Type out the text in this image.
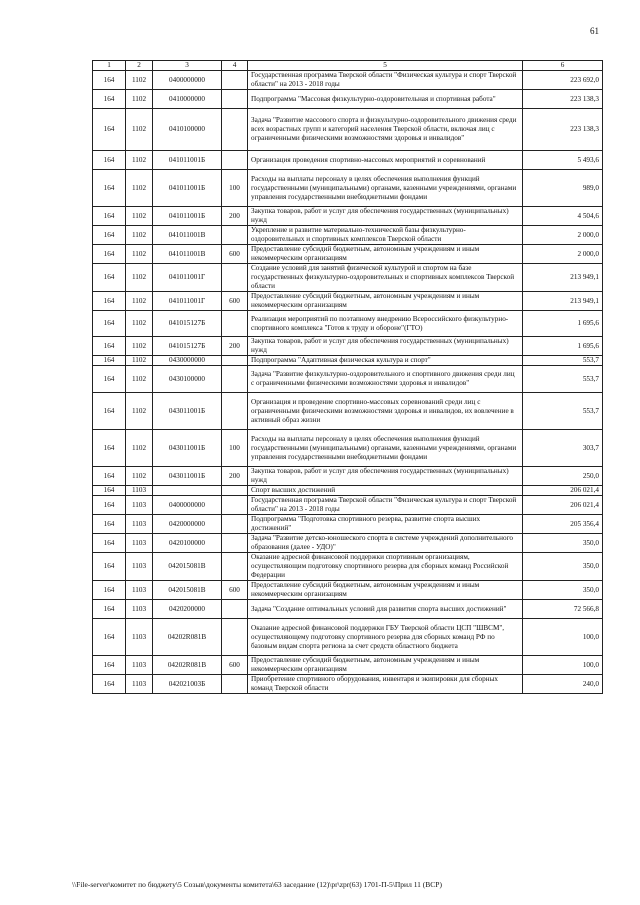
61
1	2	3	4	5	6
164	1102	0400000000		Государственная программа Тверской области "Физическая культура и спорт Тверской области" на 2013 - 2018 годы	223 692,0
164	1102	0410000000		Подпрограмма "Массовая физкультурно-оздоровительная и спортивная работа"	223 138,3
164	1102	0410100000		Задача "Развитие массового спорта и физкультурно-оздоровительного движения среди всех возрастных групп и категорий населения Тверской области, включая лиц с ограниченными физическими возможностями здоровья и инвалидов"	223 138,3
164	1102	041011001Б		Организация проведения спортивно-массовых мероприятий и соревнований	5 493,6
164	1102	041011001Б	100	Расходы на выплаты персоналу в целях обеспечения выполнения функций государственными (муниципальными) органами, казенными учреждениями, органами управления государственными внебюджетными фондами	989,0
164	1102	041011001Б	200	Закупка товаров, работ и услуг для обеспечения государственных (муниципальных) нужд	4 504,6
164	1102	041011001В		Укрепление и развитие материально-технической базы физкультурно-оздоровительных и спортивных комплексов Тверской области	2 000,0
164	1102	041011001В	600	Предоставление субсидий бюджетным, автономным учреждениям и иным некоммерческим организациям	2 000,0
164	1102	041011001Г		Создание условий для занятий физической культурой и спортом на базе государственных физкультурно-оздоровительных и спортивных комплексов Тверской области	213 949,1
164	1102	041011001Г	600	Предоставление субсидий бюджетным, автономным учреждениям и иным некоммерческим организациям	213 949,1
164	1102	041015127Б		Реализация мероприятий по поэтапному внедрению Всероссийского физкультурно-спортивного комплекса "Готов к труду и обороне"(ГТО)	1 695,6
164	1102	041015127Б	200	Закупка товаров, работ и услуг для обеспечения государственных (муниципальных) нужд	1 695,6
164	1102	0430000000		Подпрограмма "Адаптивная физическая культура и спорт"	553,7
164	1102	0430100000		Задача "Развитие физкультурно-оздоровительного и спортивного движения среди лиц с ограниченными физическими возможностями здоровья и инвалидов"	553,7
164	1102	043011001Б		Организация и проведение спортивно-массовых соревнований среди лиц с ограниченными физическими возможностями здоровья и инвалидов, их вовлечение в активный образ жизни	553,7
164	1102	043011001Б	100	Расходы на выплаты персоналу в целях обеспечения выполнения функций государственными (муниципальными) органами, казенными учреждениями, органами управления государственными внебюджетными фондами	303,7
164	1102	043011001Б	200	Закупка товаров, работ и услуг для обеспечения государственных (муниципальных) нужд	250,0
164	1103			Спорт высших достижений	206 021,4
164	1103	0400000000		Государственная программа Тверской области "Физическая культура и спорт Тверской области" на 2013 - 2018 годы	206 021,4
164	1103	0420000000		Подпрограмма "Подготовка спортивного резерва, развитие спорта высших достижений"	205 356,4
164	1103	0420100000		Задача "Развитие детско-юношеского спорта в системе учреждений дополнительного образования (далее - УДО)"	350,0
164	1103	042015081В		Оказание адресной финансовой поддержки спортивным организациям, осуществляющим подготовку спортивного резерва для сборных команд Российской Федерации	350,0
164	1103	042015081В	600	Предоставление субсидий бюджетным, автономным учреждениям и иным некоммерческим организациям	350,0
164	1103	0420200000		Задача "Создание оптимальных условий для развития спорта высших достижений"	72 566,8
164	1103	04202R081В		Оказание адресной финансовой поддержки ГБУ Тверской области ЦСП "ШВСМ", осуществляющему подготовку спортивного резерва для сборных команд РФ по базовым видам спорта региона за счет средств областного бюджета	100,0
164	1103	04202R081В	600	Предоставление субсидий бюджетным, автономным учреждениям и иным некоммерческим организациям	100,0
164	1103	042021003Б		Приобретение спортивного оборудования, инвентаря и экипировки для сборных команд Тверской области	240,0
\\File-server\комитет по бюджету\5 Созыв\документы комитета\63 заседание (12)\pr\zpr(63) 1701-П-5\Прил 11 (ВСР)
